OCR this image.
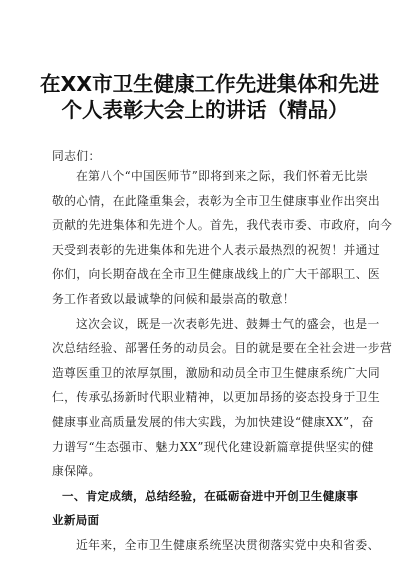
在XX市卫生健康工作先进集体和先进
个人表彰大会上的讲话（精品）
同志们：
在第八个“中国医师节”即将到来之际，我们怀着无比崇
敬的心情，在此隆重集会，表彰为全市卫生健康事业作出突出
贡献的先进集体和先进个人。首先，我代表市委、市政府，向今
天受到表彰的先进集体和先进个人表示最热烈的祝贺！并通过
你们，向长期奋战在全市卫生健康战线上的广大干部职工、医
务工作者致以最诚挚的问候和最崇高的敬意！
这次会议，既是一次表彰先进、鼓舞士气的盛会，也是一
次总结经验、部署任务的动员会。目的就是要在全社会进一步营
造尊医重卫的浓厚氛围，激励和动员全市卫生健康系统广大同
仁，传承弘扬新时代职业精神，以更加昂扬的姿态投身于卫生
健康事业高质量发展的伟大实践，为加快建设“健康XX”，奋
力谱写“生态强市、魅力XX”现代化建设新篇章提供坚实的健
康保障。
一、肯定成绩，总结经验，在砥砺奋进中开创卫生健康事
业新局面
近年来，全市卫生健康系统坚决贯彻落实党中央和省委、
